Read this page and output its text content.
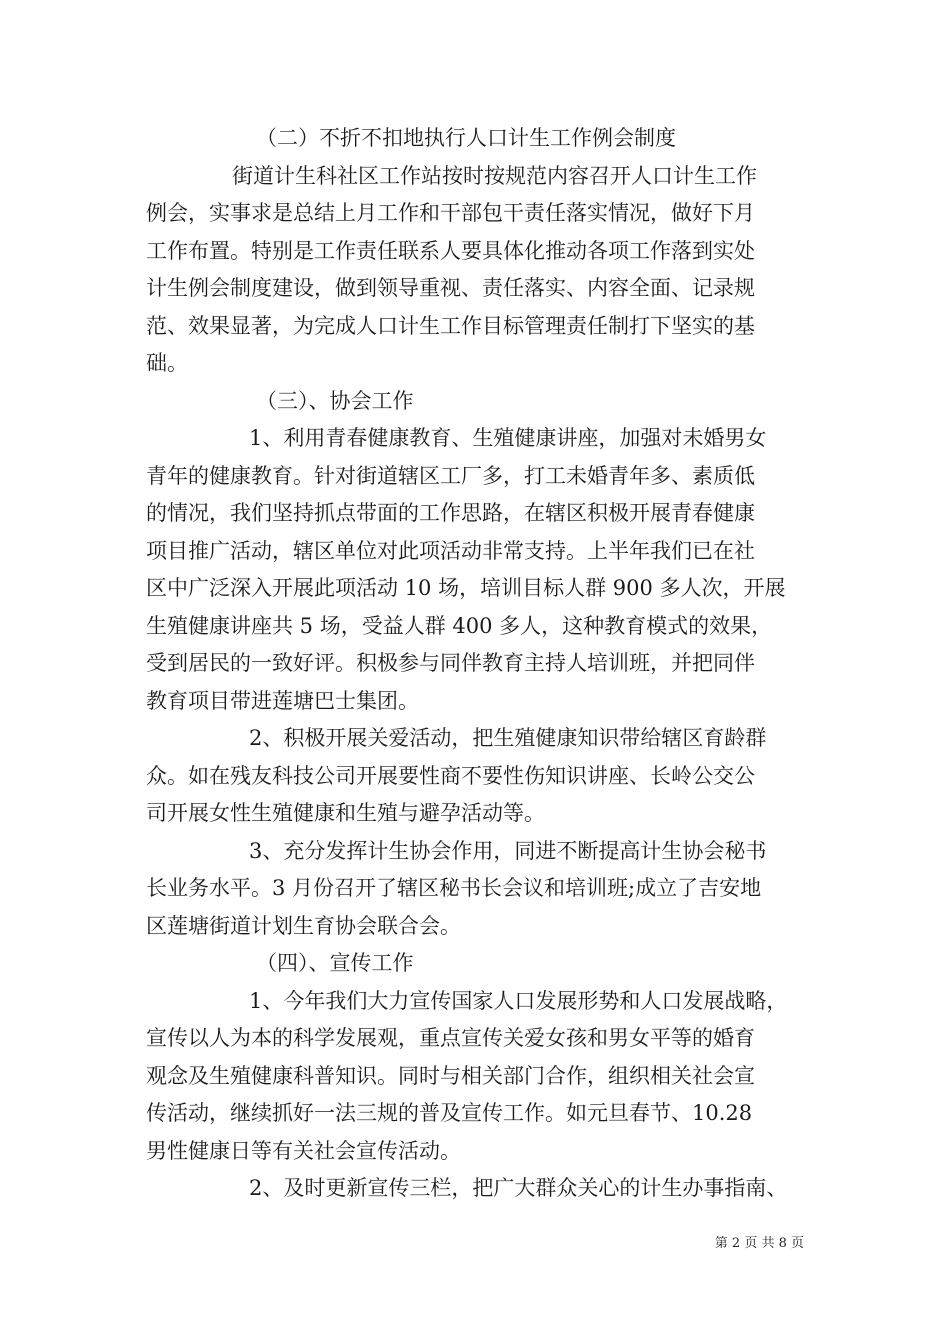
（二）不折不扣地执行人口计生工作例会制度
街道计生科社区工作站按时按规范内容召开人口计生工作
例会，实事求是总结上月工作和干部包干责任落实情况，做好下月
工作布置。特别是工作责任联系人要具体化推动各项工作落到实处
计生例会制度建设，做到领导重视、责任落实、内容全面、记录规
范、效果显著，为完成人口计生工作目标管理责任制打下坚实的基
础。
（三）、协会工作
1、利用青春健康教育、生殖健康讲座，加强对未婚男女
青年的健康教育。针对街道辖区工厂多，打工未婚青年多、素质低
的情况，我们坚持抓点带面的工作思路，在辖区积极开展青春健康
项目推广活动，辖区单位对此项活动非常支持。上半年我们已在社
区中广泛深入开展此项活动 10 场，培训目标人群 900 多人次，开展
生殖健康讲座共 5 场，受益人群 400 多人，这种教育模式的效果，
受到居民的一致好评。积极参与同伴教育主持人培训班，并把同伴
教育项目带进莲塘巴士集团。
2、积极开展关爱活动，把生殖健康知识带给辖区育龄群
众。如在残友科技公司开展要性商不要性伤知识讲座、长岭公交公
司开展女性生殖健康和生殖与避孕活动等。
3、充分发挥计生协会作用，同进不断提高计生协会秘书
长业务水平。3 月份召开了辖区秘书长会议和培训班;成立了吉安地
区莲塘街道计划生育协会联合会。
（四）、宣传工作
1、今年我们大力宣传国家人口发展形势和人口发展战略，
宣传以人为本的科学发展观，重点宣传关爱女孩和男女平等的婚育
观念及生殖健康科普知识。同时与相关部门合作，组织相关社会宣
传活动，继续抓好一法三规的普及宣传工作。如元旦春节、10.28
男性健康日等有关社会宣传活动。
2、及时更新宣传三栏，把广大群众关心的计生办事指南、
第 2 页 共 8 页
